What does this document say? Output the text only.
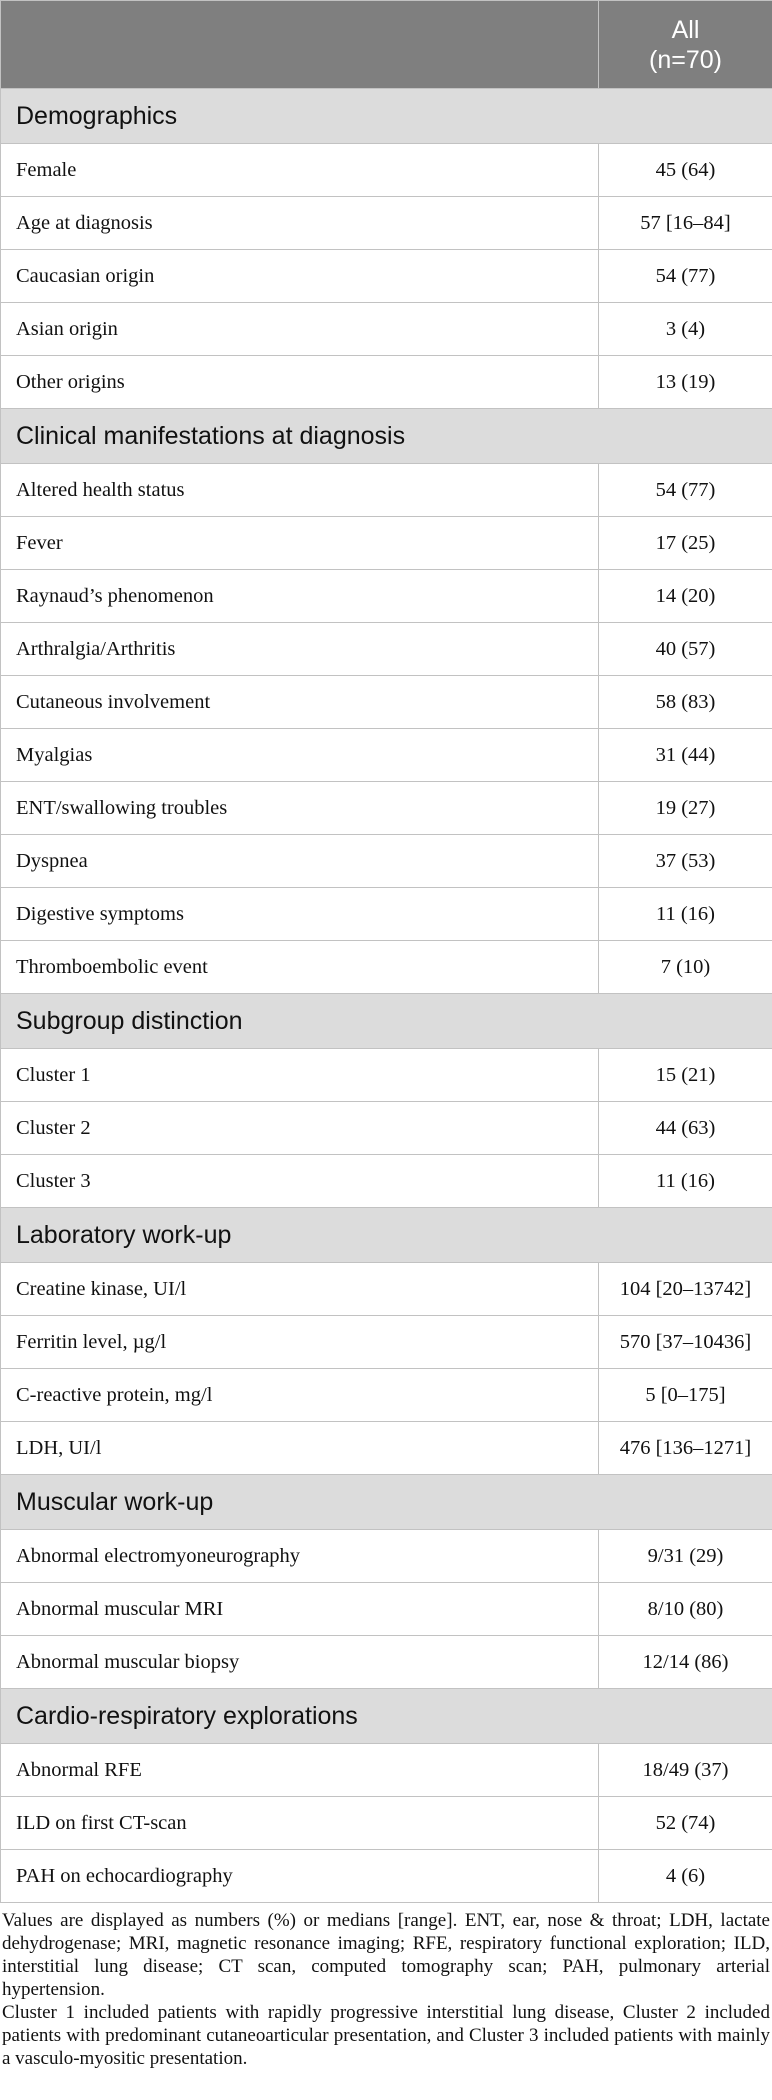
	All
(n=70)

Demographics	
Female	45 (64)
Age at diagnosis	57 [16–84]
Caucasian origin	54 (77)
Asian origin	3 (4)
Other origins	13 (19)
Clinical manifestations at diagnosis	
Altered health status	54 (77)
Fever	17 (25)
Raynaud’s phenomenon	14 (20)
Arthralgia/Arthritis	40 (57)
Cutaneous involvement	58 (83)
Myalgias	31 (44)
ENT/swallowing troubles	19 (27)
Dyspnea	37 (53)
Digestive symptoms	11 (16)
Thromboembolic event	7 (10)
Subgroup distinction	
Cluster 1	15 (21)
Cluster 2	44 (63)
Cluster 3	11 (16)
Laboratory work-up	
Creatine kinase, UI/l	104 [20–13742]
Ferritin level, µg/l	570 [37–10436]
C-reactive protein, mg/l	5 [0–175]
LDH, UI/l	476 [136–1271]
Muscular work-up	
Abnormal electromyoneurography	9/31 (29)
Abnormal muscular MRI	8/10 (80)
Abnormal muscular biopsy	12/14 (86)
Cardio-respiratory explorations	
Abnormal RFE	18/49 (37)
ILD on first CT-scan	52 (74)
PAH on echocardiography	4 (6)

Values are displayed as numbers (%) or medians [range]. ENT, ear, nose & throat; LDH, lactate dehydrogenase; MRI, magnetic resonance imaging; RFE, respiratory functional exploration; ILD, interstitial lung disease; CT scan, computed tomography scan; PAH, pulmonary arterial hypertension.

Cluster 1 included patients with rapidly progressive interstitial lung disease, Cluster 2 included patients with predominant cutaneoarticular presentation, and Cluster 3 included patients with mainly a vasculo-myositic presentation.
